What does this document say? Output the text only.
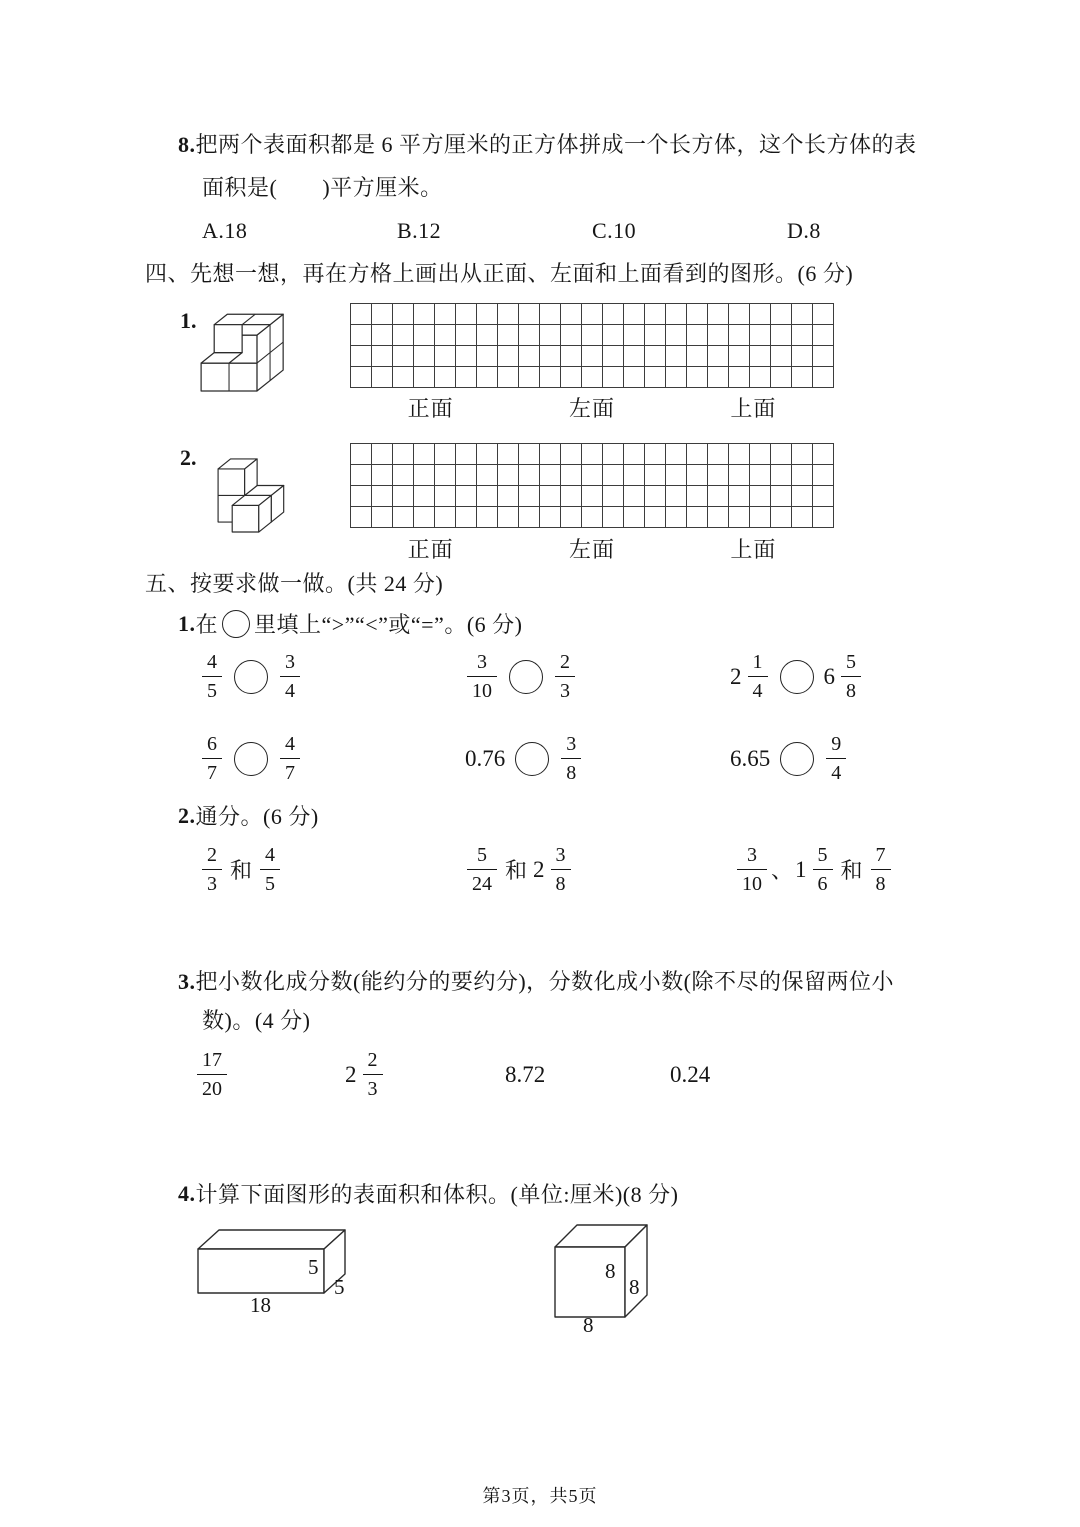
8.把两个表面积都是 6 平方厘米的正方体拼成一个长方体，这个长方体的表
面积是(　　)平方厘米。
A.18	B.12	C.10	D.8
四、先想一想，再在方格上画出从正面、左面和上面看到的图形。(6 分)
1.
正面	左面	上面
2.
正面	左面	上面
五、按要求做一做。(共 24 分)
1. 在 里填上“>”“<”或“=”。(6 分)
$\frac{4}{5}$	$\frac{3}{4}$	$\frac{3}{10}$	$\frac{2}{3}$	$2 \frac{1}{4} 6 \frac{5}{8}$
$\frac{6}{7}$	$\frac{4}{7}$	0.76	$\frac{3}{8}$	6.65	$\frac{9}{4}$
2. 通分。(6 分)
$\frac{2}{3}$ 和 $\frac{4}{5}$	$\frac{5}{24}$ 和 $2 \frac{3}{8}$	$\frac{3}{10}$ 、 $1 \frac{5}{6}$ 和 $\frac{7}{8}$
3.把小数化成分数(能约分的要约分)，分数化成小数(除不尽的保留两位小
数)。(4 分)
$\frac{17}{20}$	$2 \frac{2}{3}$	8.72	0.24
4. 计算下面图形的表面积和体积。(单位:厘米)(8 分)
5
5
18
8
8
8
第3页，共5页
